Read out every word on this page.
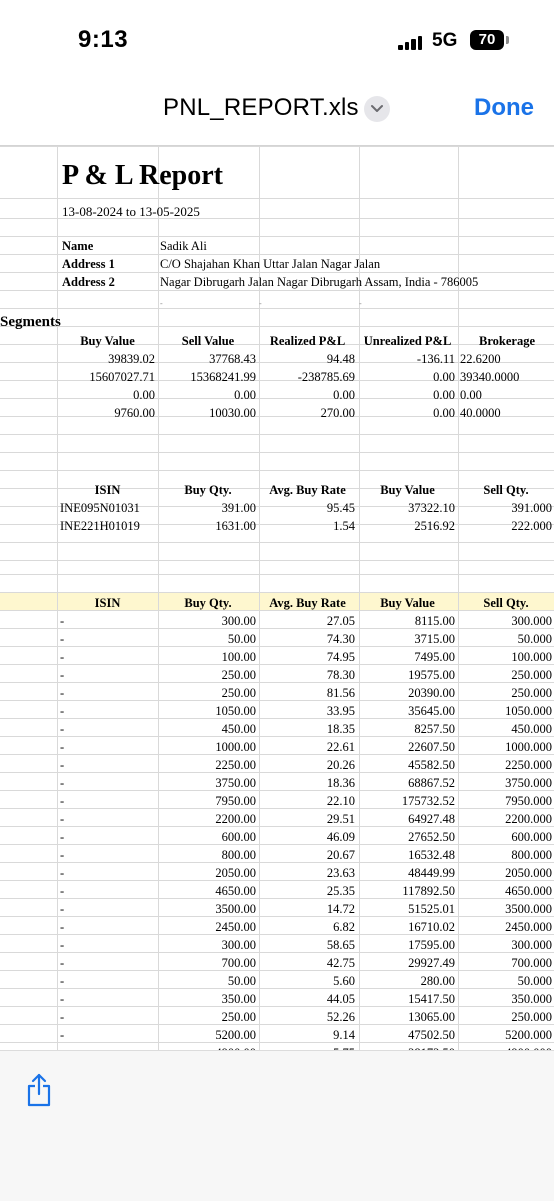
9:13	5G	70
PNL_REPORT.xls	Done
P & L Report
13-08-2024 to 13-05-2025
Name	Sadik Ali
Address 1	C/O Shajahan Khan Uttar Jalan Nagar Jalan
Address 2	Nagar Dibrugarh Jalan Nagar Dibrugarh Assam, India - 786005
-	-	-
Segments
Buy Value	Sell Value	Realized P&L	Unrealized P&L	Brokerage
39839.02	37768.43	94.48	-136.11 22.6200
15607027.71	15368241.99	-238785.69	0.00 39340.0000
0.00	0.00	0.00	0.00 0.00
9760.00	10030.00	270.00	0.00 40.0000
ISIN	Buy Qty.	Avg. Buy Rate	Buy Value	Sell Qty.
INE095N01031	391.00	95.45	37322.10	391.000
INE221H01019	1631.00	1.54	2516.92	222.000
ISIN	Buy Qty.	Avg. Buy Rate	Buy Value	Sell Qty.
-	300.00	27.05	8115.00	300.000
-	50.00	74.30	3715.00	50.000
-	100.00	74.95	7495.00	100.000
-	250.00	78.30	19575.00	250.000
-	250.00	81.56	20390.00	250.000
-	1050.00	33.95	35645.00	1050.000
-	450.00	18.35	8257.50	450.000
-	1000.00	22.61	22607.50	1000.000
-	2250.00	20.26	45582.50	2250.000
-	3750.00	18.36	68867.52	3750.000
-	7950.00	22.10	175732.52	7950.000
-	2200.00	29.51	64927.48	2200.000
-	600.00	46.09	27652.50	600.000
-	800.00	20.67	16532.48	800.000
-	2050.00	23.63	48449.99	2050.000
-	4650.00	25.35	117892.50	4650.000
-	3500.00	14.72	51525.01	3500.000
-	2450.00	6.82	16710.02	2450.000
-	300.00	58.65	17595.00	300.000
-	700.00	42.75	29927.49	700.000
-	50.00	5.60	280.00	50.000
-	350.00	44.05	15417.50	350.000
-	250.00	52.26	13065.00	250.000
-	5200.00	9.14	47502.50	5200.000
